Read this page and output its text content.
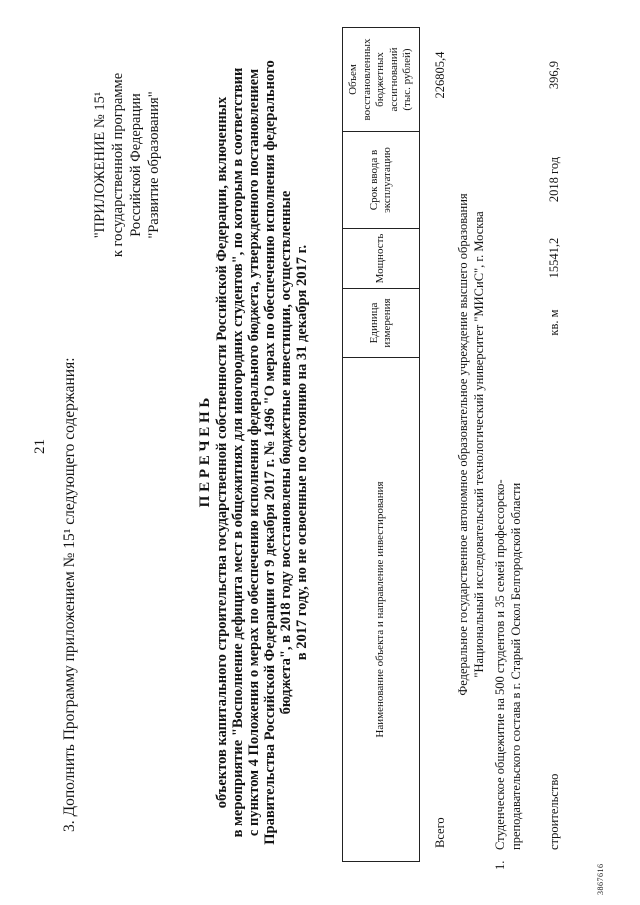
21 3. Дополнить Программу приложением № 15¹ следующего содержания:
"ПРИЛОЖЕНИЕ № 15¹ к государственной программе Российской Федерации "Развитие образования"
П Е Р Е Ч Е Н Ь объектов капитального строительства государственной собственности Российской Федерации, включенных в мероприятие "Восполнение дефицита мест в общежитиях для иногородних студентов", по которым в соответствии с пунктом 4 Положения о мерах по обеспечению исполнения федерального бюджета, утвержденного постановлением Правительства Российской Федерации от 9 декабря 2017 г. № 1496 "О мерах по обеспечению исполнения федерального бюджета", в 2018 году восстановлены бюджетные инвестиции, осуществленные в 2017 году, но не освоенные по состоянию на 31 декабря 2017 г.	Наименование объекта и направление инвестирования
Единица измерения
Мощность
Срок ввода в эксплуатацию
Объем восстановленных бюджетных ассигнований (тыс. рублей)
Всего
226805,4
Федеральное государственное автономное образовательное учреждение высшего образования "Национальный исследовательский технологический университет "МИСиС", г. Москва
1.
Студенческое общежитие на 500 студентов и 35 семей профессорско- преподавательского состава в г. Старый Оскол Белгородской области строительство
кв. м
15541,2
2018 год
396,9
3867616
